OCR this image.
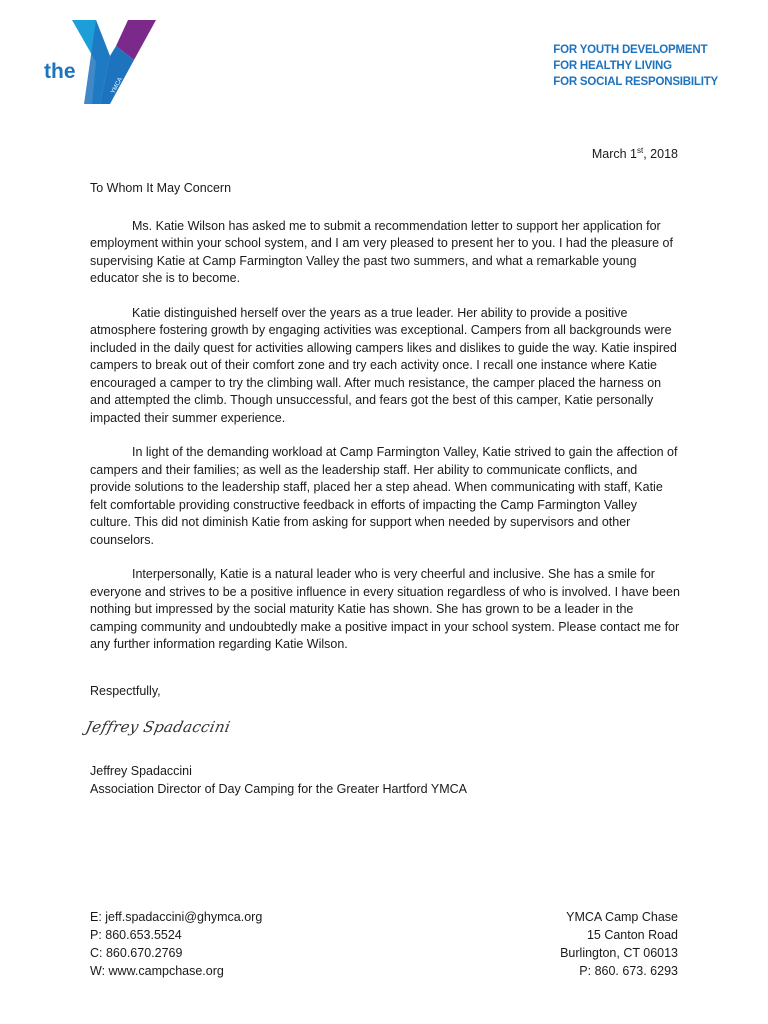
the
YMCA
FOR YOUTH DEVELOPMENT
FOR HEALTHY LIVING
FOR SOCIAL RESPONSIBILITY
March 1st, 2018

To Whom It May Concern

Ms. Katie Wilson has asked me to submit a recommendation letter to support her application for employment within your school system, and I am very pleased to present her to you. I had the pleasure of supervising Katie at Camp Farmington Valley the past two summers, and what a remarkable young educator she is to become.

Katie distinguished herself over the years as a true leader. Her ability to provide a positive atmosphere fostering growth by engaging activities was exceptional. Campers from all backgrounds were included in the daily quest for activities allowing campers likes and dislikes to guide the way. Katie inspired campers to break out of their comfort zone and try each activity once. I recall one instance where Katie encouraged a camper to try the climbing wall. After much resistance, the camper placed the harness on and attempted the climb. Though unsuccessful, and fears got the best of this camper, Katie personally impacted their summer experience.

In light of the demanding workload at Camp Farmington Valley, Katie strived to gain the affection of campers and their families; as well as the leadership staff. Her ability to communicate conflicts, and provide solutions to the leadership staff, placed her a step ahead. When communicating with staff, Katie felt comfortable providing constructive feedback in efforts of impacting the Camp Farmington Valley culture. This did not diminish Katie from asking for support when needed by supervisors and other counselors.

Interpersonally, Katie is a natural leader who is very cheerful and inclusive. She has a smile for everyone and strives to be a positive influence in every situation regardless of who is involved. I have been nothing but impressed by the social maturity Katie has shown. She has grown to be a leader in the camping community and undoubtedly make a positive impact in your school system. Please contact me for any further information regarding Katie Wilson.

Respectfully,
Jeffrey Spadaccini
Jeffrey Spadaccini
Association Director of Day Camping for the Greater Hartford YMCA
E: jeff.spadaccini@ghymca.org
P: 860.653.5524
C: 860.670.2769
W: www.campchase.org
YMCA Camp Chase
15 Canton Road
Burlington, CT 06013
P: 860. 673. 6293
